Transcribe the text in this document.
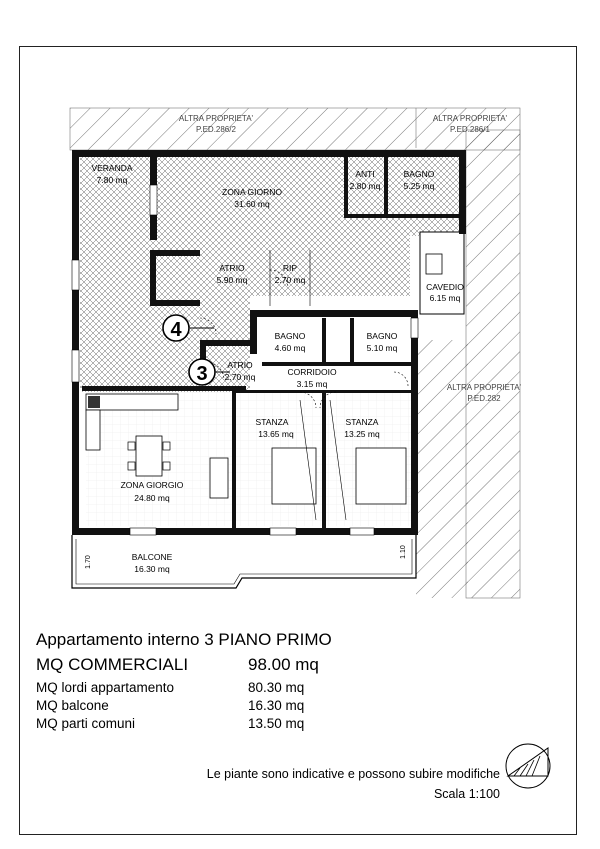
ALTRA PROPRIETA'
P.ED.286/2
ALTRA PROPRIETA'
P.ED.286/1
ALTRA PROPRIETA'
P.ED.282
VERANDA
7.80 mq
ZONA GIORNO
31.60 mq
ANTI
2.80 mq
BAGNO
5.25 mq
ATRIO
5.90 mq
RIP
2.70 mq
CAVEDIO
6.15 mq
BAGNO
4.60 mq
BAGNO
5.10 mq
ATRIO
2.70 mq	CORRIDOIO
3.15 mq
STANZA
13.65 mq
STANZA
13.25 mq
ZONA GIORGIO
24.80 mq
BALCONE
16.30 mq
1.70
1.10
4
3
Appartamento interno 3 PIANO PRIMO
MQ COMMERCIALI	98.00 mq
MQ lordi appartamento	80.30 mq
MQ balcone	16.30 mq
MQ parti comuni	13.50 mq
Le piante sono indicative e possono subire modifiche
Scala 1:100
